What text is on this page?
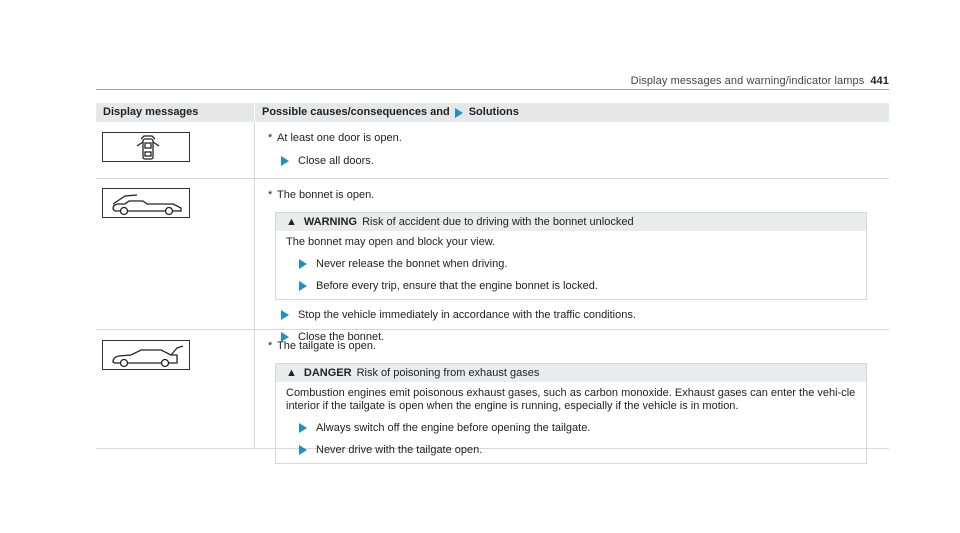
Display messages and warning/indicator lamps 441
Display messages	Possible causes/consequences and Solutions
* At least one door is open.
Close all doors.
* The bonnet is open.
▲ WARNING Risk of accident due to driving with the bonnet unlocked
The bonnet may open and block your view.
Never release the bonnet when driving.
Before every trip, ensure that the engine bonnet is locked.
Stop the vehicle immediately in accordance with the traffic conditions.
Close the bonnet.
* The tailgate is open.
▲ DANGER Risk of poisoning from exhaust gases
Combustion engines emit poisonous exhaust gases, such as carbon monoxide. Exhaust gases can enter the vehi-cle interior if the tailgate is open when the engine is running, especially if the vehicle is in motion.
Always switch off the engine before opening the tailgate.
Never drive with the tailgate open.
